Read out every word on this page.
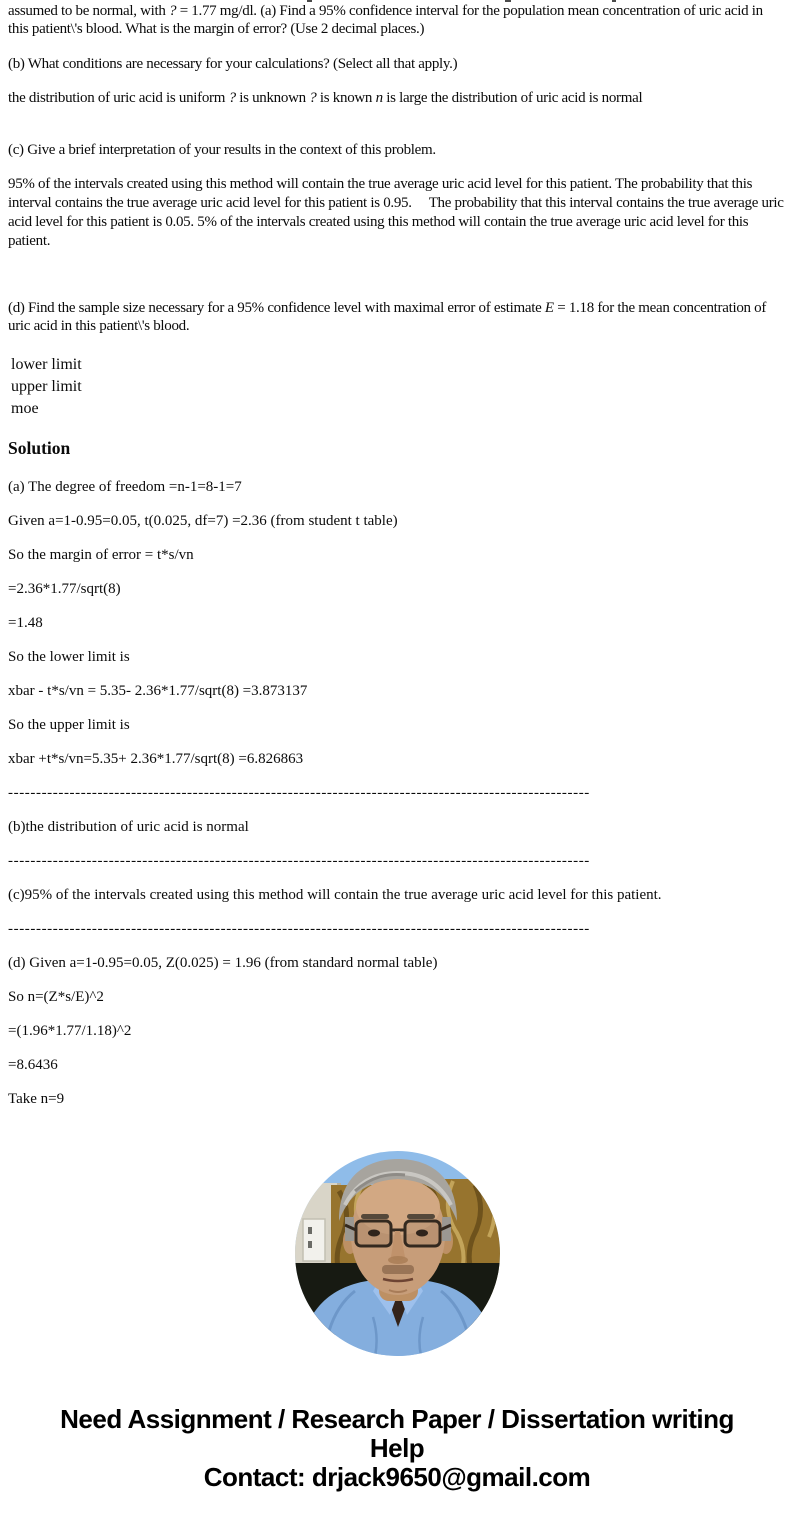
assumed to be normal, with ? = 1.77 mg/dl. (a) Find a 95% confidence interval for the population mean concentration of uric acid in this patient\'s blood. What is the margin of error? (Use 2 decimal places.)

(b) What conditions are necessary for your calculations? (Select all that apply.)

the distribution of uric acid is uniform ? is unknown ? is known n is large the distribution of uric acid is normal

(c) Give a brief interpretation of your results in the context of this problem.

95% of the intervals created using this method will contain the true average uric acid level for this patient. The probability that this interval contains the true average uric acid level for this patient is 0.95.     The probability that this interval contains the true average uric acid level for this patient is 0.05. 5% of the intervals created using this method will contain the true average uric acid level for this patient.

(d) Find the sample size necessary for a 95% confidence level with maximal error of estimate E = 1.18 for the mean concentration of uric acid in this patient\'s blood.

lower limit
upper limit
moe
Solution

(a) The degree of freedom =n-1=8-1=7

Given a=1-0.95=0.05, t(0.025, df=7) =2.36 (from student t table)

So the margin of error = t*s/vn

=2.36*1.77/sqrt(8)

=1.48

So the lower limit is

xbar - t*s/vn = 5.35- 2.36*1.77/sqrt(8) =3.873137

So the upper limit is

xbar +t*s/vn=5.35+ 2.36*1.77/sqrt(8) =6.826863

--------------------------------------------------------------------------------------------------------

(b)the distribution of uric acid is normal

--------------------------------------------------------------------------------------------------------

(c)95% of the intervals created using this method will contain the true average uric acid level for this patient.

--------------------------------------------------------------------------------------------------------

(d) Given a=1-0.95=0.05, Z(0.025) = 1.96 (from standard normal table)

So n=(Z*s/E)^2

=(1.96*1.77/1.18)^2

=8.6436

Take n=9

Need Assignment / Research Paper / Dissertation writing Help
Contact: drjack9650@gmail.com
